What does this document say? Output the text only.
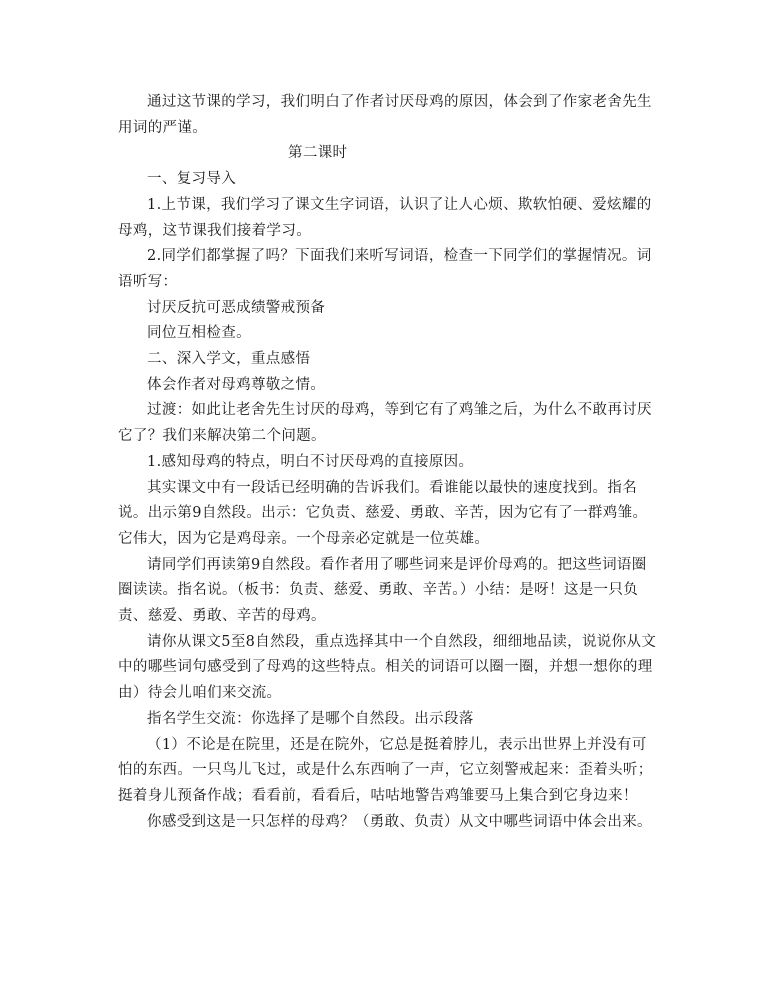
通过这节课的学习，我们明白了作者讨厌母鸡的原因，体会到了作家老舍先生用词的严谨。

第二课时

一、复习导入

1.上节课，我们学习了课文生字词语，认识了让人心烦、欺软怕硬、爱炫耀的母鸡，这节课我们接着学习。

2.同学们都掌握了吗？下面我们来听写词语，检查一下同学们的掌握情况。词语听写：

讨厌反抗可恶成绩警戒预备

同位互相检查。

二、深入学文，重点感悟

体会作者对母鸡尊敬之情。

过渡：如此让老舍先生讨厌的母鸡，等到它有了鸡雏之后，为什么不敢再讨厌它了？我们来解决第二个问题。

1.感知母鸡的特点，明白不讨厌母鸡的直接原因。

其实课文中有一段话已经明确的告诉我们。看谁能以最快的速度找到。指名说。出示第9自然段。出示：它负责、慈爱、勇敢、辛苦，因为它有了一群鸡雏。它伟大，因为它是鸡母亲。一个母亲必定就是一位英雄。

请同学们再读第9自然段。看作者用了哪些词来是评价母鸡的。把这些词语圈圈读读。指名说。（板书：负责、慈爱、勇敢、辛苦。）小结：是呀！这是一只负责、慈爱、勇敢、辛苦的母鸡。

请你从课文5至8自然段，重点选择其中一个自然段，细细地品读，说说你从文中的哪些词句感受到了母鸡的这些特点。相关的词语可以圈一圈，并想一想你的理由）待会儿咱们来交流。

指名学生交流：你选择了是哪个自然段。出示段落

（1）不论是在院里，还是在院外，它总是挺着脖儿，表示出世界上并没有可怕的东西。一只鸟儿飞过，或是什么东西响了一声，它立刻警戒起来：歪着头听；挺着身儿预备作战；看看前，看看后，咕咕地警告鸡雏要马上集合到它身边来！

你感受到这是一只怎样的母鸡？（勇敢、负责）从文中哪些词语中体会出来。
